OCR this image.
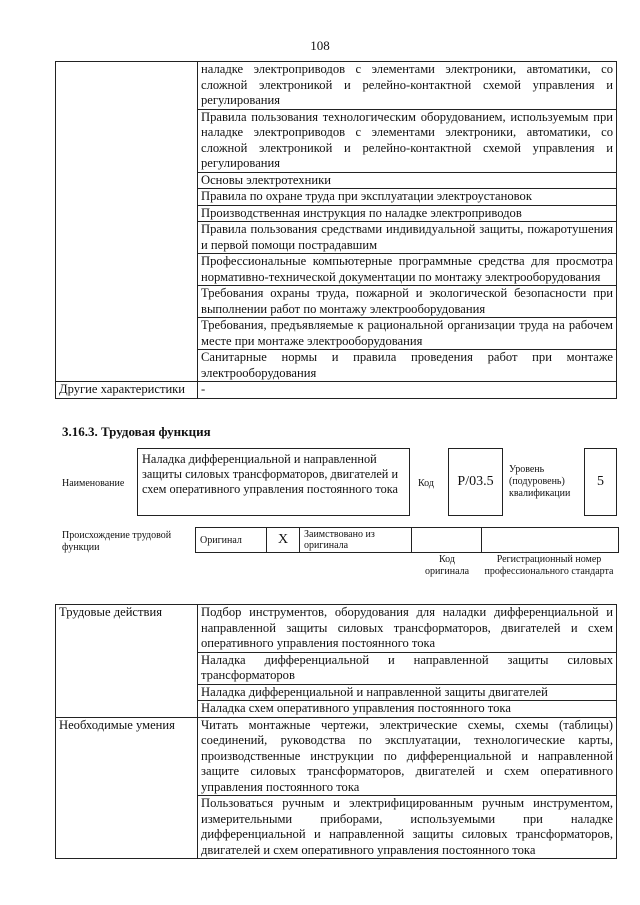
108
	наладке электроприводов с элементами электроники, автоматики, со сложной электроникой и релейно-контактной схемой управления и регулирования
	Правила пользования технологическим оборудованием, используемым при наладке электроприводов с элементами электроники, автоматики, со сложной электроникой и релейно-контактной схемой управления и регулирования
	Основы электротехники
	Правила по охране труда при эксплуатации электроустановок
	Производственная инструкция по наладке электроприводов
	Правила пользования средствами индивидуальной защиты, пожаротушения и первой помощи пострадавшим
	Профессиональные компьютерные программные средства для просмотра нормативно-технической документации по монтажу электрооборудования
	Требования охраны труда, пожарной и экологической безопасности при выполнении работ по монтажу электрооборудования
	Требования, предъявляемые к рациональной организации труда на рабочем месте при монтаже электрооборудования
	Санитарные нормы и правила проведения работ при монтаже электрооборудования
Другие характеристики	-
3.16.3. Трудовая функция
Наименование
Наладка дифференциальной и направленной защиты силовых трансформаторов, двигателей и схем оперативного управления постоянного тока	Код	P/03.5
Уровень (подуровень) квалификации
5
Происхождение трудовой функции
Оригинал	X	Заимствовано из оригинала		
Код оригинала
Регистрационный номер профессионального стандарта
Трудовые действия	Подбор инструментов, оборудования для наладки дифференциальной и направленной защиты силовых трансформаторов, двигателей и схем оперативного управления постоянного тока
	Наладка дифференциальной и направленной защиты силовых трансформаторов
	Наладка дифференциальной и направленной защиты двигателей
	Наладка схем оперативного управления постоянного тока
Необходимые умения	Читать монтажные чертежи, электрические схемы, схемы (таблицы) соединений, руководства по эксплуатации, технологические карты, производственные инструкции по дифференциальной и направленной защите силовых трансформаторов, двигателей и схем оперативного управления постоянного тока
	Пользоваться ручным и электрифицированным ручным инструментом, измерительными приборами, используемыми при наладке дифференциальной и направленной защиты силовых трансформаторов, двигателей и схем оперативного управления постоянного тока
